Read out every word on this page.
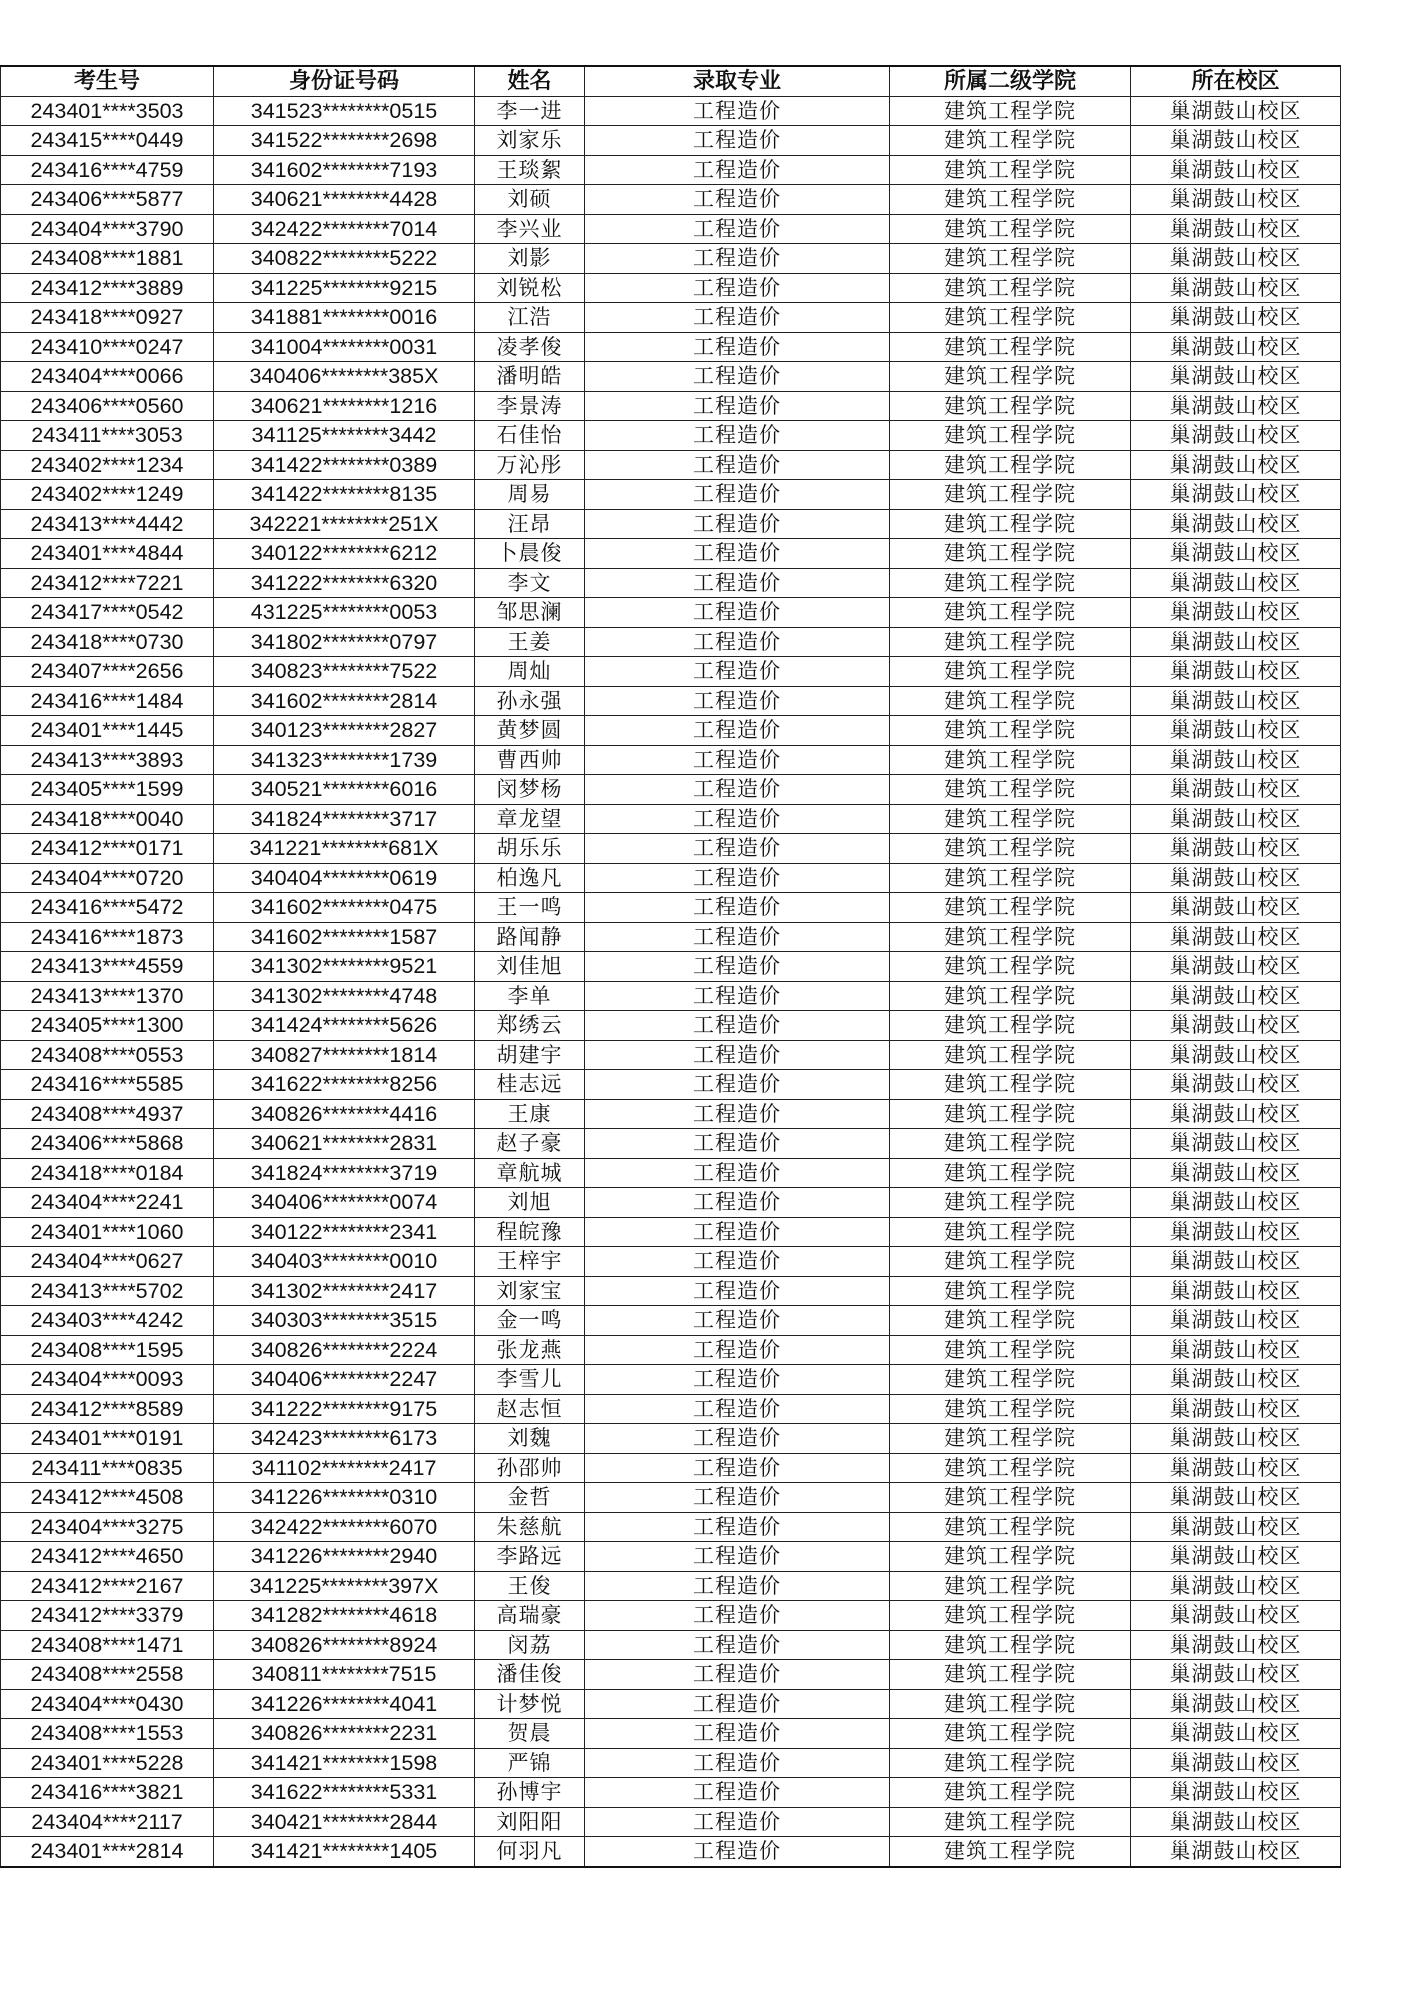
考生号	身份证号码	姓名	录取专业	所属二级学院	所在校区
243401****3503	341523********0515	李一进	工程造价	建筑工程学院	巢湖鼓山校区
243415****0449	341522********2698	刘家乐	工程造价	建筑工程学院	巢湖鼓山校区
243416****4759	341602********7193	王琰絮	工程造价	建筑工程学院	巢湖鼓山校区
243406****5877	340621********4428	刘硕	工程造价	建筑工程学院	巢湖鼓山校区
243404****3790	342422********7014	李兴业	工程造价	建筑工程学院	巢湖鼓山校区
243408****1881	340822********5222	刘影	工程造价	建筑工程学院	巢湖鼓山校区
243412****3889	341225********9215	刘锐松	工程造价	建筑工程学院	巢湖鼓山校区
243418****0927	341881********0016	江浩	工程造价	建筑工程学院	巢湖鼓山校区
243410****0247	341004********0031	凌孝俊	工程造价	建筑工程学院	巢湖鼓山校区
243404****0066	340406********385X	潘明皓	工程造价	建筑工程学院	巢湖鼓山校区
243406****0560	340621********1216	李景涛	工程造价	建筑工程学院	巢湖鼓山校区
243411****3053	341125********3442	石佳怡	工程造价	建筑工程学院	巢湖鼓山校区
243402****1234	341422********0389	万沁彤	工程造价	建筑工程学院	巢湖鼓山校区
243402****1249	341422********8135	周易	工程造价	建筑工程学院	巢湖鼓山校区
243413****4442	342221********251X	汪昂	工程造价	建筑工程学院	巢湖鼓山校区
243401****4844	340122********6212	卜晨俊	工程造价	建筑工程学院	巢湖鼓山校区
243412****7221	341222********6320	李文	工程造价	建筑工程学院	巢湖鼓山校区
243417****0542	431225********0053	邹思澜	工程造价	建筑工程学院	巢湖鼓山校区
243418****0730	341802********0797	王姜	工程造价	建筑工程学院	巢湖鼓山校区
243407****2656	340823********7522	周灿	工程造价	建筑工程学院	巢湖鼓山校区
243416****1484	341602********2814	孙永强	工程造价	建筑工程学院	巢湖鼓山校区
243401****1445	340123********2827	黄梦圆	工程造价	建筑工程学院	巢湖鼓山校区
243413****3893	341323********1739	曹西帅	工程造价	建筑工程学院	巢湖鼓山校区
243405****1599	340521********6016	闵梦杨	工程造价	建筑工程学院	巢湖鼓山校区
243418****0040	341824********3717	章龙望	工程造价	建筑工程学院	巢湖鼓山校区
243412****0171	341221********681X	胡乐乐	工程造价	建筑工程学院	巢湖鼓山校区
243404****0720	340404********0619	柏逸凡	工程造价	建筑工程学院	巢湖鼓山校区
243416****5472	341602********0475	王一鸣	工程造价	建筑工程学院	巢湖鼓山校区
243416****1873	341602********1587	路闻静	工程造价	建筑工程学院	巢湖鼓山校区
243413****4559	341302********9521	刘佳旭	工程造价	建筑工程学院	巢湖鼓山校区
243413****1370	341302********4748	李单	工程造价	建筑工程学院	巢湖鼓山校区
243405****1300	341424********5626	郑绣云	工程造价	建筑工程学院	巢湖鼓山校区
243408****0553	340827********1814	胡建宇	工程造价	建筑工程学院	巢湖鼓山校区
243416****5585	341622********8256	桂志远	工程造价	建筑工程学院	巢湖鼓山校区
243408****4937	340826********4416	王康	工程造价	建筑工程学院	巢湖鼓山校区
243406****5868	340621********2831	赵子豪	工程造价	建筑工程学院	巢湖鼓山校区
243418****0184	341824********3719	章航城	工程造价	建筑工程学院	巢湖鼓山校区
243404****2241	340406********0074	刘旭	工程造价	建筑工程学院	巢湖鼓山校区
243401****1060	340122********2341	程皖豫	工程造价	建筑工程学院	巢湖鼓山校区
243404****0627	340403********0010	王梓宇	工程造价	建筑工程学院	巢湖鼓山校区
243413****5702	341302********2417	刘家宝	工程造价	建筑工程学院	巢湖鼓山校区
243403****4242	340303********3515	金一鸣	工程造价	建筑工程学院	巢湖鼓山校区
243408****1595	340826********2224	张龙燕	工程造价	建筑工程学院	巢湖鼓山校区
243404****0093	340406********2247	李雪儿	工程造价	建筑工程学院	巢湖鼓山校区
243412****8589	341222********9175	赵志恒	工程造价	建筑工程学院	巢湖鼓山校区
243401****0191	342423********6173	刘魏	工程造价	建筑工程学院	巢湖鼓山校区
243411****0835	341102********2417	孙邵帅	工程造价	建筑工程学院	巢湖鼓山校区
243412****4508	341226********0310	金哲	工程造价	建筑工程学院	巢湖鼓山校区
243404****3275	342422********6070	朱慈航	工程造价	建筑工程学院	巢湖鼓山校区
243412****4650	341226********2940	李路远	工程造价	建筑工程学院	巢湖鼓山校区
243412****2167	341225********397X	王俊	工程造价	建筑工程学院	巢湖鼓山校区
243412****3379	341282********4618	高瑞豪	工程造价	建筑工程学院	巢湖鼓山校区
243408****1471	340826********8924	闵荔	工程造价	建筑工程学院	巢湖鼓山校区
243408****2558	340811********7515	潘佳俊	工程造价	建筑工程学院	巢湖鼓山校区
243404****0430	341226********4041	计梦悦	工程造价	建筑工程学院	巢湖鼓山校区
243408****1553	340826********2231	贺晨	工程造价	建筑工程学院	巢湖鼓山校区
243401****5228	341421********1598	严锦	工程造价	建筑工程学院	巢湖鼓山校区
243416****3821	341622********5331	孙博宇	工程造价	建筑工程学院	巢湖鼓山校区
243404****2117	340421********2844	刘阳阳	工程造价	建筑工程学院	巢湖鼓山校区
243401****2814	341421********1405	何羽凡	工程造价	建筑工程学院	巢湖鼓山校区
